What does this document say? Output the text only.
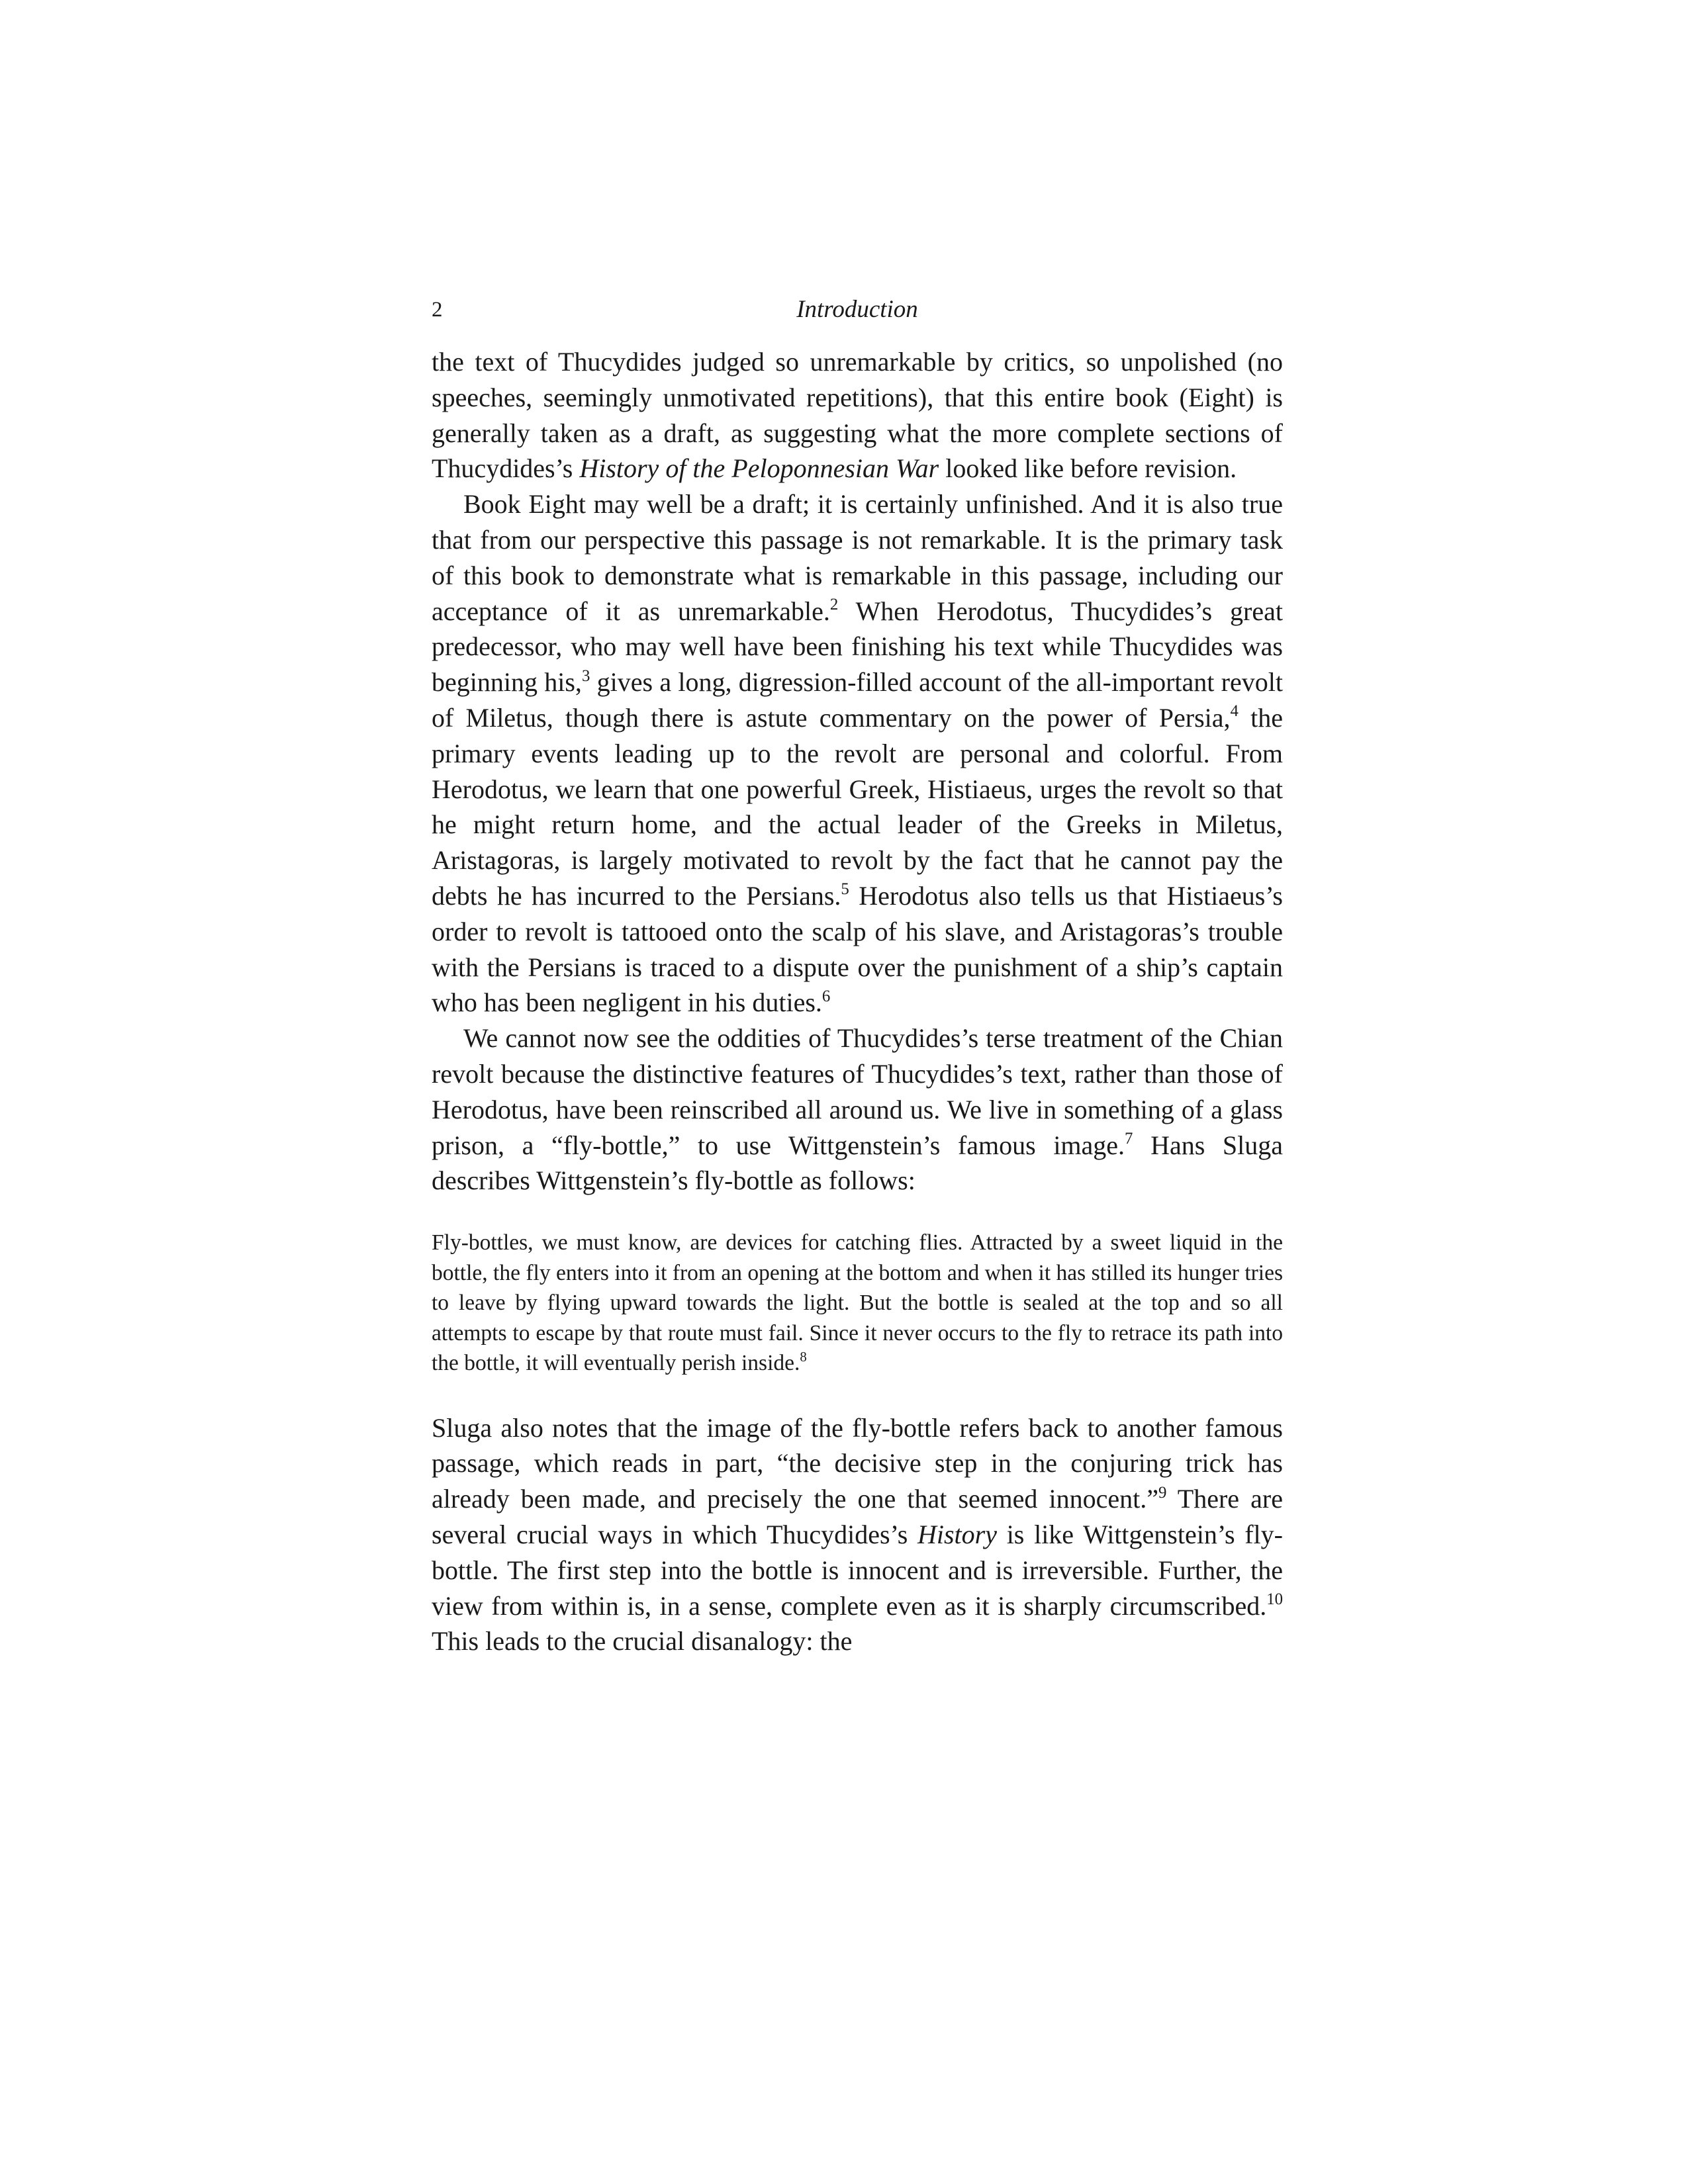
2	Introduction

the text of Thucydides judged so unremarkable by critics, so unpolished (no speeches, seemingly unmotivated repetitions), that this entire book (Eight) is generally taken as a draft, as suggesting what the more complete sections of Thucydides’s History of the Peloponnesian War looked like before revision.

Book Eight may well be a draft; it is certainly unfinished. And it is also true that from our perspective this passage is not remarkable. It is the primary task of this book to demonstrate what is remarkable in this passage, including our acceptance of it as unremarkable.$^2$ When Herodotus, Thucydides’s great predecessor, who may well have been finishing his text while Thucydides was beginning his,$^3$ gives a long, digression-filled account of the all-important revolt of Miletus, though there is astute commentary on the power of Persia,$^4$ the primary events leading up to the revolt are personal and colorful. From Herodotus, we learn that one powerful Greek, Histiaeus, urges the revolt so that he might return home, and the actual leader of the Greeks in Miletus, Aristagoras, is largely motivated to revolt by the fact that he cannot pay the debts he has incurred to the Persians.$^5$ Herodotus also tells us that Histiaeus’s order to revolt is tattooed onto the scalp of his slave, and Aristagoras’s trouble with the Persians is traced to a dispute over the punishment of a ship’s captain who has been negligent in his duties.$^6$

We cannot now see the oddities of Thucydides’s terse treatment of the Chian revolt because the distinctive features of Thucydides’s text, rather than those of Herodotus, have been reinscribed all around us. We live in something of a glass prison, a “fly-bottle,” to use Wittgenstein’s famous image.$^7$ Hans Sluga describes Wittgenstein’s fly-bottle as follows:

Fly-bottles, we must know, are devices for catching flies. Attracted by a sweet liquid in the bottle, the fly enters into it from an opening at the bottom and when it has stilled its hunger tries to leave by flying upward towards the light. But the bottle is sealed at the top and so all attempts to escape by that route must fail. Since it never occurs to the fly to retrace its path into the bottle, it will eventually perish inside.$^8$

Sluga also notes that the image of the fly-bottle refers back to another famous passage, which reads in part, “the decisive step in the conjuring trick has already been made, and precisely the one that seemed innocent.”$^9$ There are several crucial ways in which Thucydides’s History is like Wittgenstein’s fly-bottle. The first step into the bottle is innocent and is irreversible. Further, the view from within is, in a sense, complete even as it is sharply circumscribed.$^{10}$ This leads to the crucial disanalogy: the
